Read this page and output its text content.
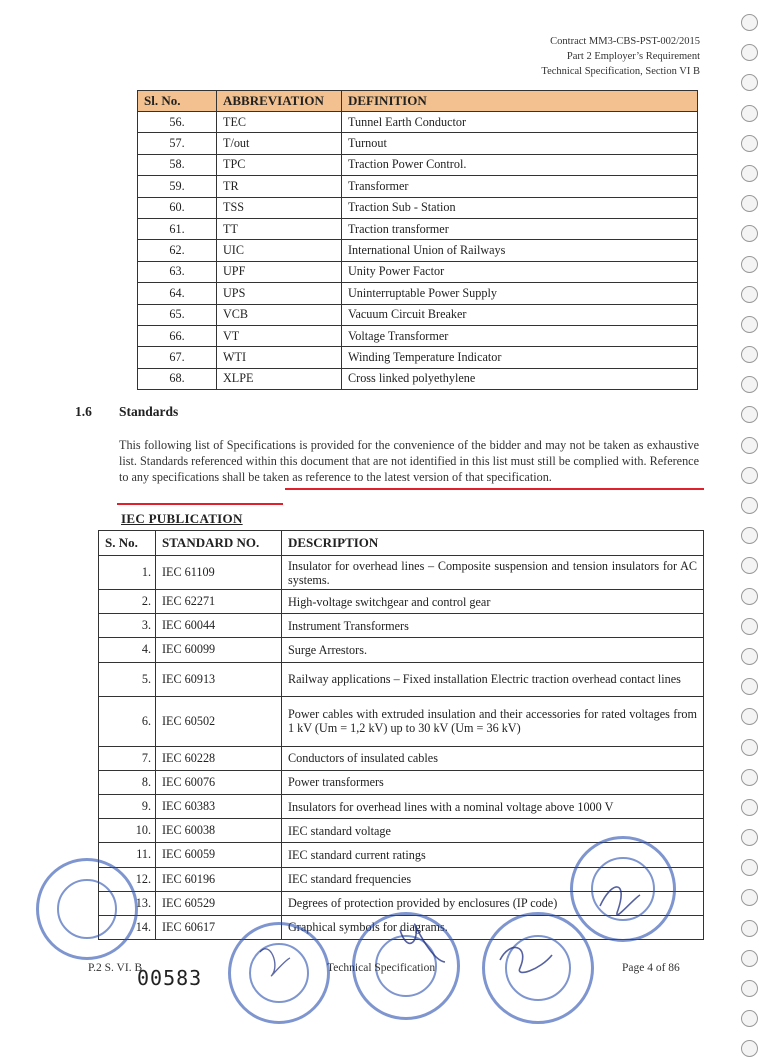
Contract MM3-CBS-PST-002/2015
Part 2 Employer’s Requirement
Technical Specification, Section VI B
Sl. No.	ABBREVIATION	DEFINITION
56.	TEC	Tunnel Earth Conductor
57.	T/out	Turnout
58.	TPC	Traction Power Control.
59.	TR	Transformer
60.	TSS	Traction Sub - Station
61.	TT	Traction transformer
62.	UIC	International Union of Railways
63.	UPF	Unity Power Factor
64.	UPS	Uninterruptable Power Supply
65.	VCB	Vacuum Circuit Breaker
66.	VT	Voltage Transformer
67.	WTI	Winding Temperature Indicator
68.	XLPE	Cross linked polyethylene
1.6 Standards
This following list of Specifications is provided for the convenience of the bidder and may not be taken as exhaustive list. Standards referenced within this document that are not identified in this list must still be complied with. Reference to any specifications shall be taken as reference to the latest version of that specification.
IEC PUBLICATION
S. No.	STANDARD NO.	DESCRIPTION
1.	IEC 61109	Insulator for overhead lines – Composite suspension and tension insulators for AC systems.
2.	IEC 62271	High-voltage switchgear and control gear
3.	IEC 60044	Instrument Transformers
4.	IEC 60099	Surge Arrestors.
5.	IEC 60913	Railway applications – Fixed installation Electric traction overhead contact lines
6.	IEC 60502	Power cables with extruded insulation and their accessories for rated voltages from 1 kV (Um = 1,2 kV) up to 30 kV (Um = 36 kV)
7.	IEC 60228	Conductors of insulated cables
8.	IEC 60076	Power transformers
9.	IEC 60383	Insulators for overhead lines with a nominal voltage above 1000 V
10.	IEC 60038	IEC standard voltage
11.	IEC 60059	IEC standard current ratings
12.	IEC 60196	IEC standard frequencies
13.	IEC 60529	Degrees of protection provided by enclosures (IP code)
14.	IEC 60617	Graphical symbols for diagrams.
P.2 S. VI. B
00583	Technical Specification	Page 4 of 86
